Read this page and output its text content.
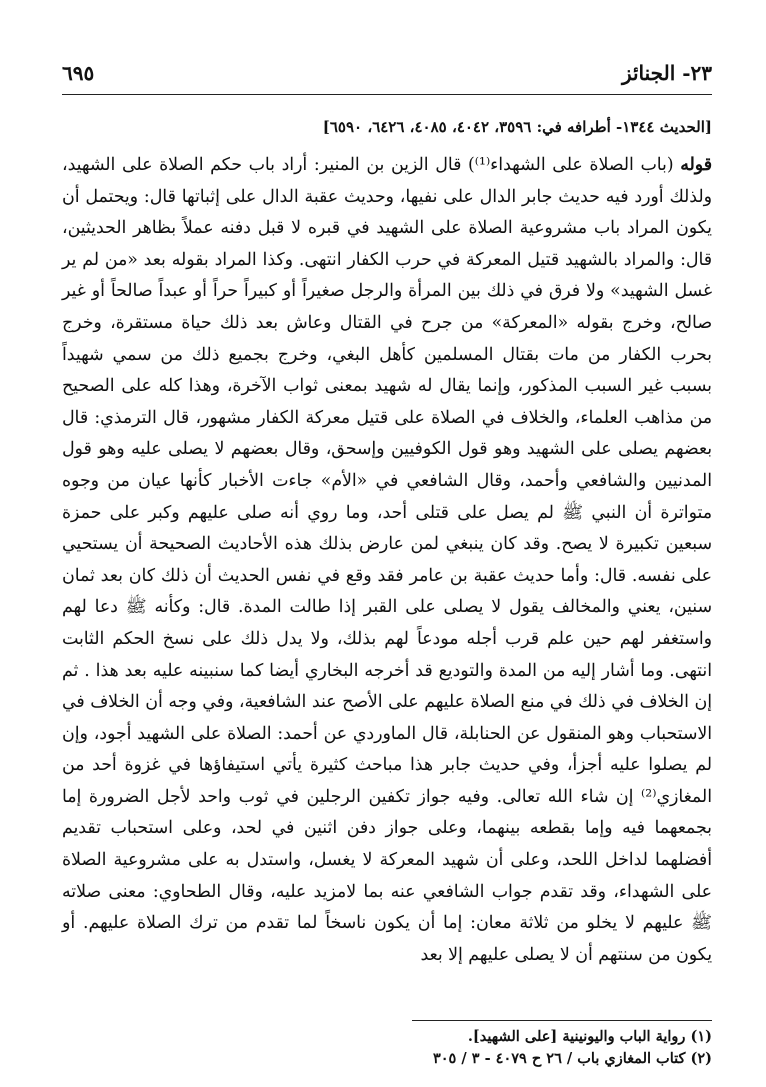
٢٣- الجنائز
٦٩٥
[الحديث ١٣٤٤- أطرافه في: ٣٥٩٦، ٤٠٤٢، ٤٠٨٥، ٦٤٢٦، ٦٥٩٠]
قوله (باب الصلاة على الشهداء⁽¹⁾) قال الزين بن المنير: أراد باب حكم الصلاة على الشهيد، ولذلك أورد فيه حديث جابر الدال على نفيها، وحديث عقبة الدال على إثباتها قال: ويحتمل أن يكون المراد باب مشروعية الصلاة على الشهيد في قبره لا قبل دفنه عملاً بظاهر الحديثين، قال: والمراد بالشهيد قتيل المعركة في حرب الكفار انتهى. وكذا المراد بقوله بعد «من لم ير غسل الشهيد» ولا فرق في ذلك بين المرأة والرجل صغيراً أو كبيراً حراً أو عبداً صالحاً أو غير صالح، وخرج بقوله «المعركة» من جرح في القتال وعاش بعد ذلك حياة مستقرة، وخرج بحرب الكفار من مات بقتال المسلمين كأهل البغي، وخرج بجميع ذلك من سمي شهيداً بسبب غير السبب المذكور، وإنما يقال له شهيد بمعنى ثواب الآخرة، وهذا كله على الصحيح من مذاهب العلماء، والخلاف في الصلاة على قتيل معركة الكفار مشهور، قال الترمذي: قال بعضهم يصلى على الشهيد وهو قول الكوفيين وإسحق، وقال بعضهم لا يصلى عليه وهو قول المدنيين والشافعي وأحمد، وقال الشافعي في «الأم» جاءت الأخبار كأنها عيان من وجوه متواترة أن النبي ﷺ لم يصل على قتلى أحد، وما روي أنه صلى عليهم وكبر على حمزة سبعين تكبيرة لا يصح. وقد كان ينبغي لمن عارض بذلك هذه الأحاديث الصحيحة أن يستحيي على نفسه. قال: وأما حديث عقبة بن عامر فقد وقع في نفس الحديث أن ذلك كان بعد ثمان سنين، يعني والمخالف يقول لا يصلى على القبر إذا طالت المدة. قال: وكأنه ﷺ دعا لهم واستغفر لهم حين علم قرب أجله مودعاً لهم بذلك، ولا يدل ذلك على نسخ الحكم الثابت انتهى. وما أشار إليه من المدة والتوديع قد أخرجه البخاري أيضا كما سنبينه عليه بعد هذا . ثم إن الخلاف في ذلك في منع الصلاة عليهم على الأصح عند الشافعية، وفي وجه أن الخلاف في الاستحباب وهو المنقول عن الحنابلة، قال الماوردي عن أحمد: الصلاة على الشهيد أجود، وإن لم يصلوا عليه أجزأ، وفي حديث جابر هذا مباحث كثيرة يأتي استيفاؤها في غزوة أحد من المغازي⁽²⁾ إن شاء الله تعالى. وفيه جواز تكفين الرجلين في ثوب واحد لأجل الضرورة إما بجمعهما فيه وإما بقطعه بينهما، وعلى جواز دفن اثنين في لحد، وعلى استحباب تقديم أفضلهما لداخل اللحد، وعلى أن شهيد المعركة لا يغسل، واستدل به على مشروعية الصلاة على الشهداء، وقد تقدم جواب الشافعي عنه بما لامزيد عليه، وقال الطحاوي: معنى صلاته ﷺ عليهم لا يخلو من ثلاثة معان: إما أن يكون ناسخاً لما تقدم من ترك الصلاة عليهم. أو يكون من سنتهم أن لا يصلى عليهم إلا بعد
(١) رواية الباب واليونينية [على الشهيد].
(٢) كتاب المغازي باب / ٢٦ ح ٤٠٧٩ - ٣ / ٣٠٥
